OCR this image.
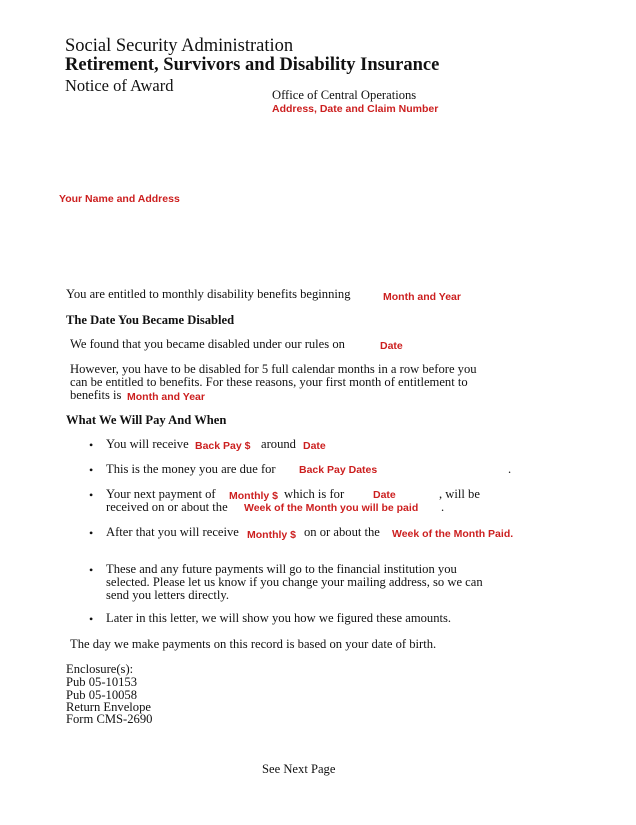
Social Security Administration
Retirement, Survivors and Disability Insurance
Notice of Award	Office of Central Operations
Address, Date and Claim Number
Your Name and Address
You are entitled to monthly disability benefits beginning	Month and Year
The Date You Became Disabled
We found that you became disabled under our rules on	Date
However, you have to be disabled for 5 full calendar months in a row before you
can be entitled to benefits. For these reasons, your first month of entitlement to
benefits is Month and Year
What We Will Pay And When
• You will receive Back Pay $ around Date
• This is the money you are due for Back Pay Dates	.
• Your next payment of Monthly $ which is for	Date	, will be
received on or about the Week of the Month you will be paid .
• After that you will receive Monthly $ on or about the Week of the Month Paid.
• These and any future payments will go to the financial institution you
selected. Please let us know if you change your mailing address, so we can
send you letters directly.
• Later in this letter, we will show you how we figured these amounts.
The day we make payments on this record is based on your date of birth.
Enclosure(s):
Pub 05-10153
Pub 05-10058
Return Envelope
Form CMS-2690
See Next Page
